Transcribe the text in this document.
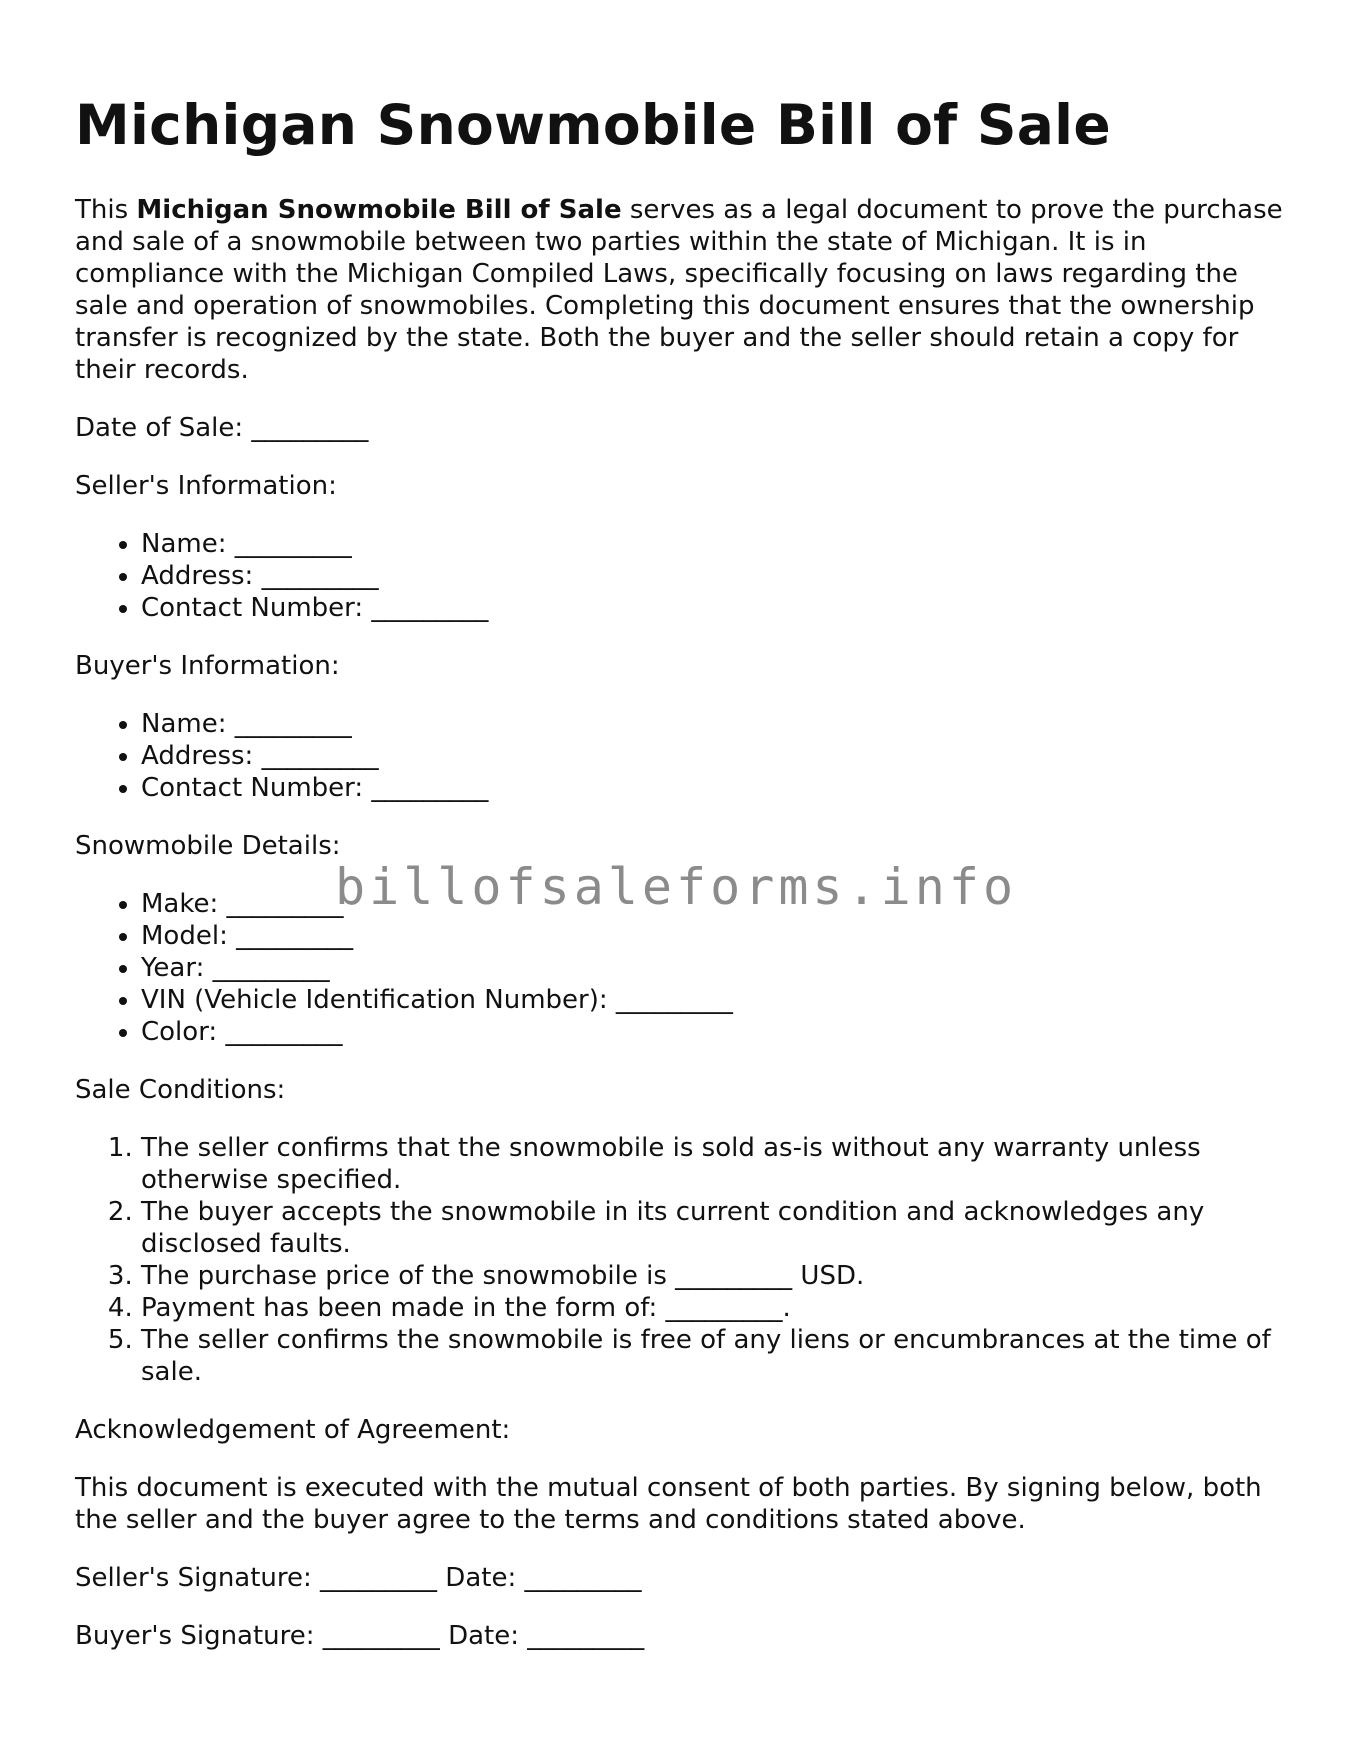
Michigan Snowmobile Bill of Sale

This Michigan Snowmobile Bill of Sale serves as a legal document to prove the purchase and sale of a snowmobile between two parties within the state of Michigan. It is in compliance with the Michigan Compiled Laws, specifically focusing on laws regarding the sale and operation of snowmobiles. Completing this document ensures that the ownership transfer is recognized by the state. Both the buyer and the seller should retain a copy for their records.

Date of Sale: _________

Seller's Information:

• Name: _________
• Address: _________
• Contact Number: _________

Buyer's Information:

• Name: _________
• Address: _________
• Contact Number: _________

Snowmobile Details:

• Make: _________
• Model: _________
• Year: _________
• VIN (Vehicle Identification Number): _________
• Color: _________

Sale Conditions:

1. The seller confirms that the snowmobile is sold as-is without any warranty unless otherwise specified.
2. The buyer accepts the snowmobile in its current condition and acknowledges any disclosed faults.
3. The purchase price of the snowmobile is _________ USD.
4. Payment has been made in the form of: _________.
5. The seller confirms the snowmobile is free of any liens or encumbrances at the time of sale.

Acknowledgement of Agreement:

This document is executed with the mutual consent of both parties. By signing below, both the seller and the buyer agree to the terms and conditions stated above.

Seller's Signature: _________ Date: _________

Buyer's Signature: _________ Date: _________

billofsaleforms.info
